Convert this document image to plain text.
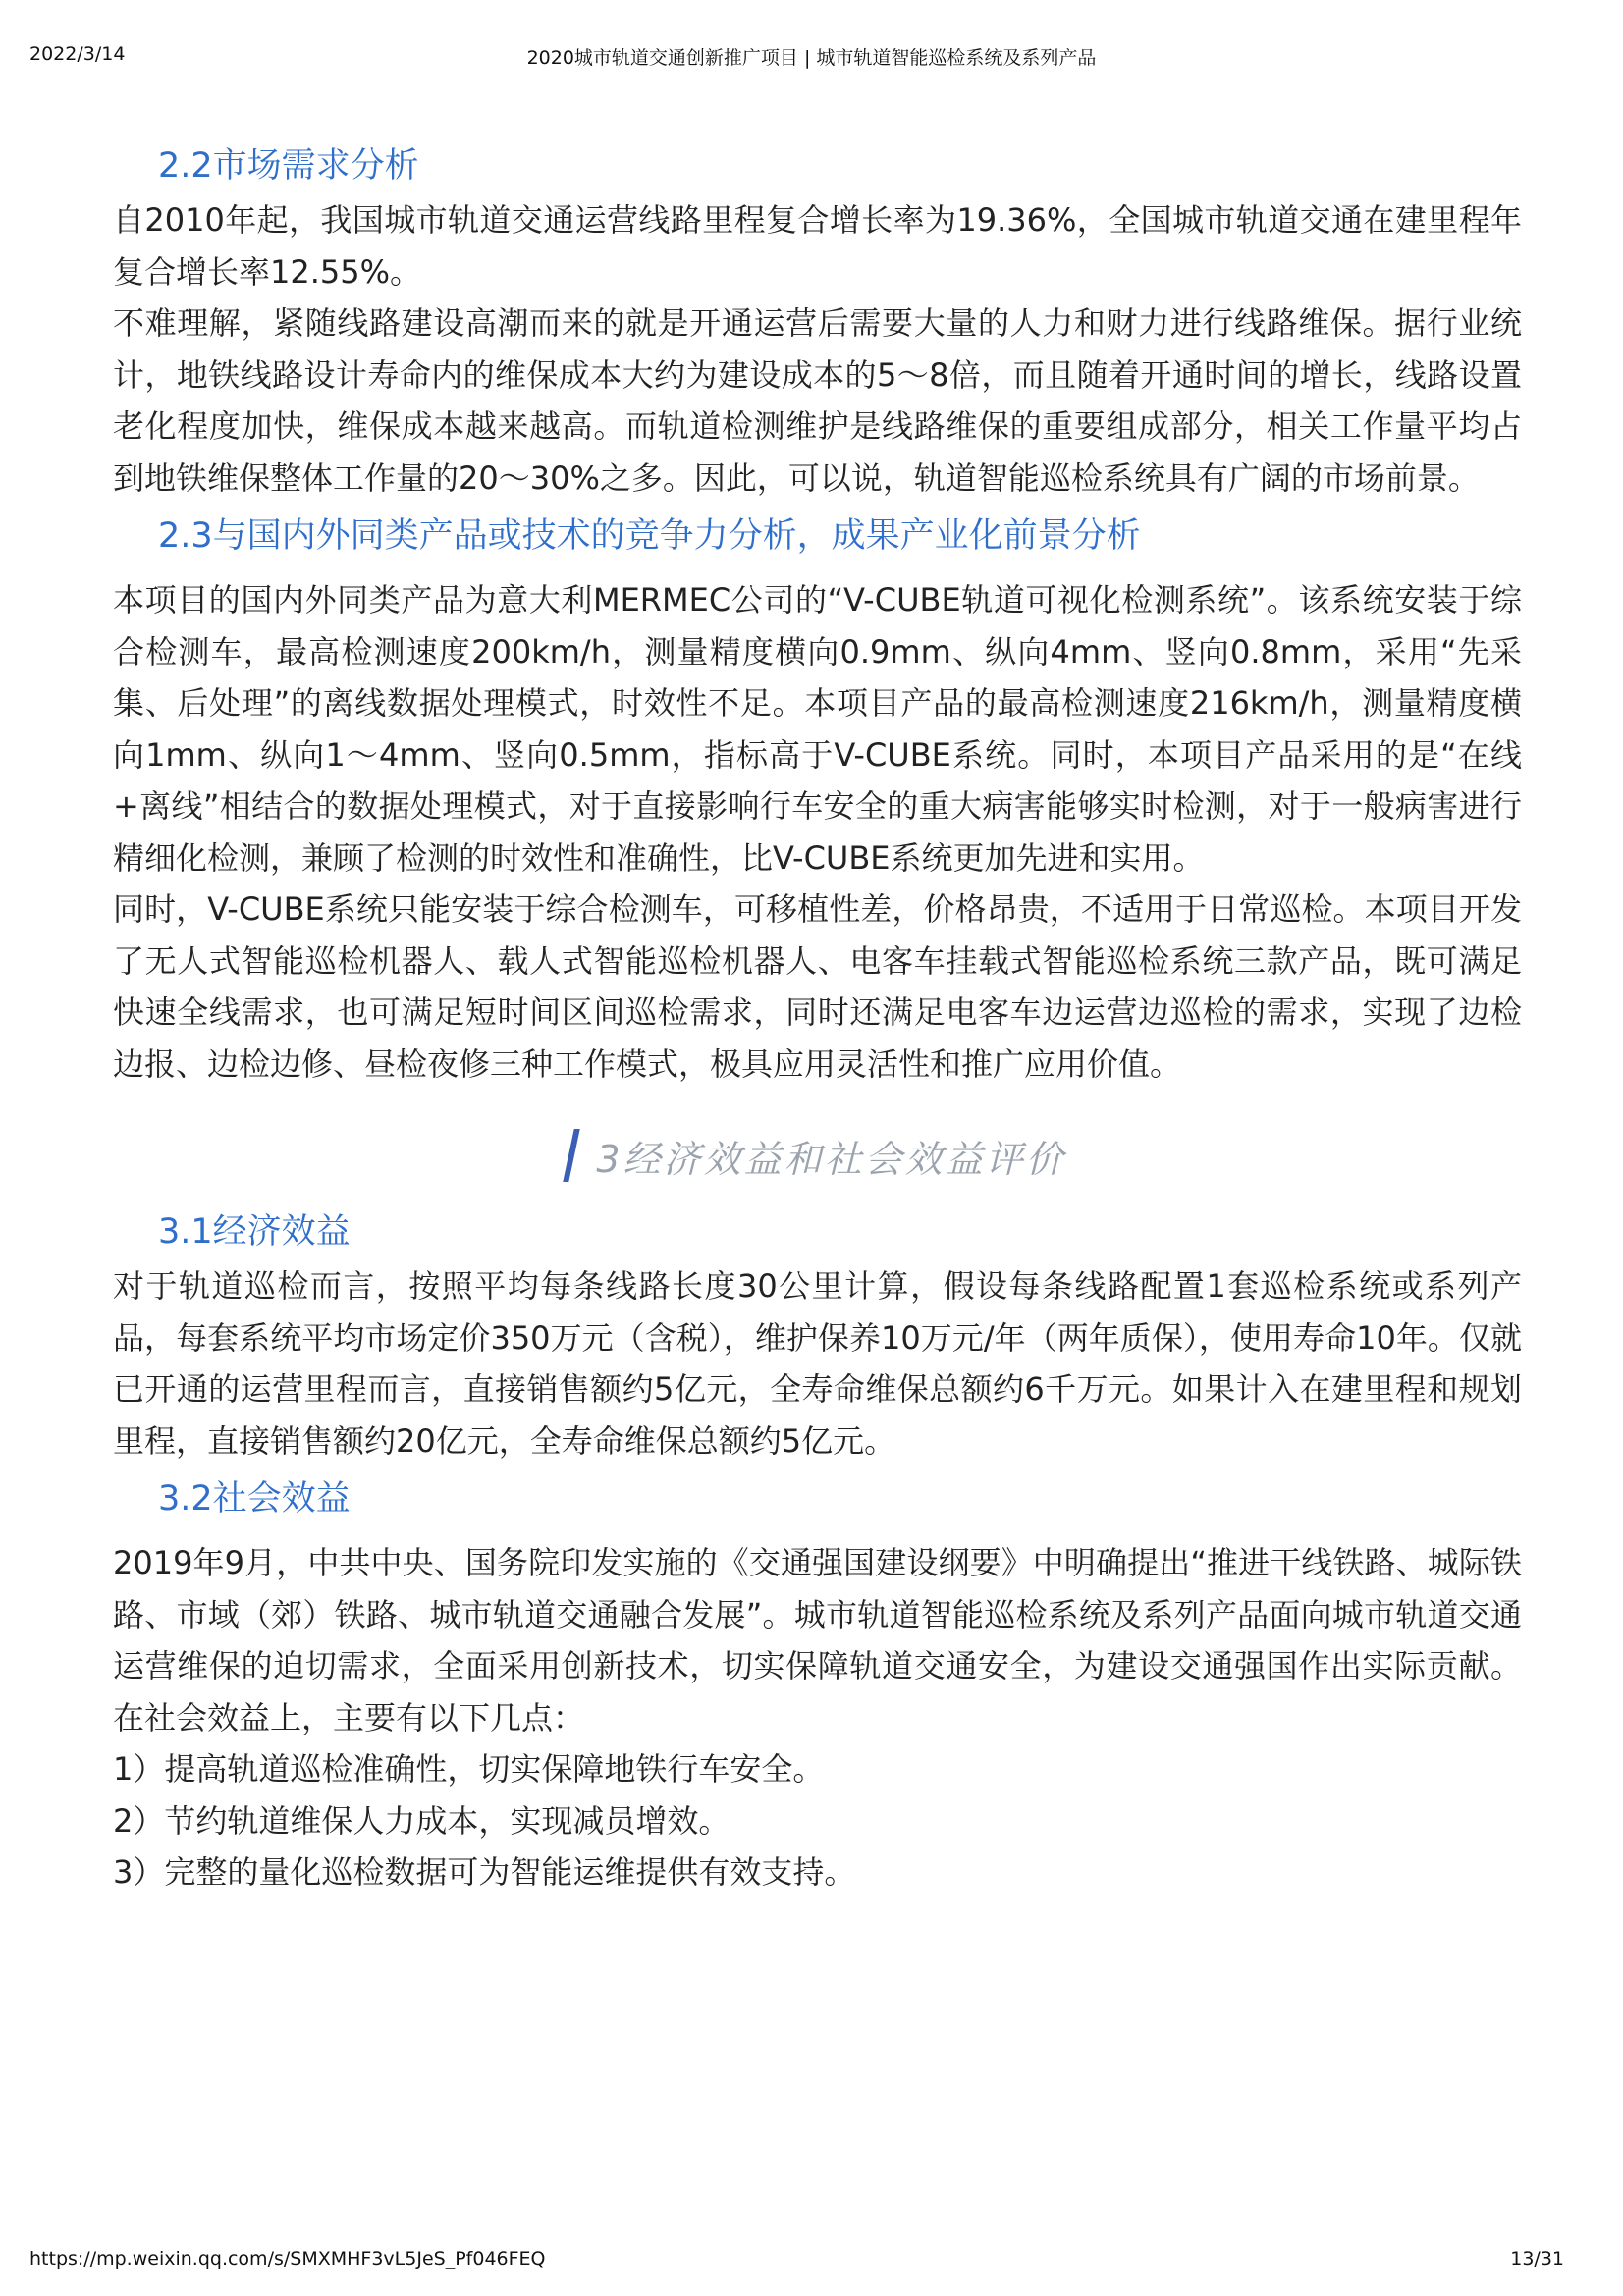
2022/3/14	2020城市轨道交通创新推广项目 | 城市轨道智能巡检系统及系列产品
2.2市场需求分析

自2010年起，我国城市轨道交通运营线路里程复合增长率为19.36%，全国城市轨道交通在建里程年复合增长率12.55%。

不难理解，紧随线路建设高潮而来的就是开通运营后需要大量的人力和财力进行线路维保。据行业统计，地铁线路设计寿命内的维保成本大约为建设成本的5～8倍，而且随着开通时间的增长，线路设置老化程度加快，维保成本越来越高。而轨道检测维护是线路维保的重要组成部分，相关工作量平均占到地铁维保整体工作量的20～30%之多。因此，可以说，轨道智能巡检系统具有广阔的市场前景。

2.3与国内外同类产品或技术的竞争力分析，成果产业化前景分析

本项目的国内外同类产品为意大利MERMEC公司的“V-CUBE轨道可视化检测系统”。该系统安装于综合检测车，最高检测速度200km/h，测量精度横向0.9mm、纵向4mm、竖向0.8mm，采用“先采集、后处理”的离线数据处理模式，时效性不足。本项目产品的最高检测速度216km/h，测量精度横向1mm、纵向1～4mm、竖向0.5mm，指标高于V-CUBE系统。同时，本项目产品采用的是“在线+离线”相结合的数据处理模式，对于直接影响行车安全的重大病害能够实时检测，对于一般病害进行精细化检测，兼顾了检测的时效性和准确性，比V-CUBE系统更加先进和实用。

同时，V-CUBE系统只能安装于综合检测车，可移植性差，价格昂贵，不适用于日常巡检。本项目开发了无人式智能巡检机器人、载人式智能巡检机器人、电客车挂载式智能巡检系统三款产品，既可满足快速全线需求，也可满足短时间区间巡检需求，同时还满足电客车边运营边巡检的需求，实现了边检边报、边检边修、昼检夜修三种工作模式，极具应用灵活性和推广应用价值。

3经济效益和社会效益评价
3.1经济效益

对于轨道巡检而言，按照平均每条线路长度30公里计算，假设每条线路配置1套巡检系统或系列产品，每套系统平均市场定价350万元（含税），维护保养10万元/年（两年质保），使用寿命10年。仅就已开通的运营里程而言，直接销售额约5亿元，全寿命维保总额约6千万元。如果计入在建里程和规划里程，直接销售额约20亿元，全寿命维保总额约5亿元。

3.2社会效益

2019年9月，中共中央、国务院印发实施的《交通强国建设纲要》中明确提出“推进干线铁路、城际铁路、市域（郊）铁路、城市轨道交通融合发展”。城市轨道智能巡检系统及系列产品面向城市轨道交通运营维保的迫切需求，全面采用创新技术，切实保障轨道交通安全，为建设交通强国作出实际贡献。在社会效益上，主要有以下几点：

1）提高轨道巡检准确性，切实保障地铁行车安全。

2）节约轨道维保人力成本，实现减员增效。

3）完整的量化巡检数据可为智能运维提供有效支持。

https://mp.weixin.qq.com/s/SMXMHF3vL5JeS_Pf046FEQ	13/31
